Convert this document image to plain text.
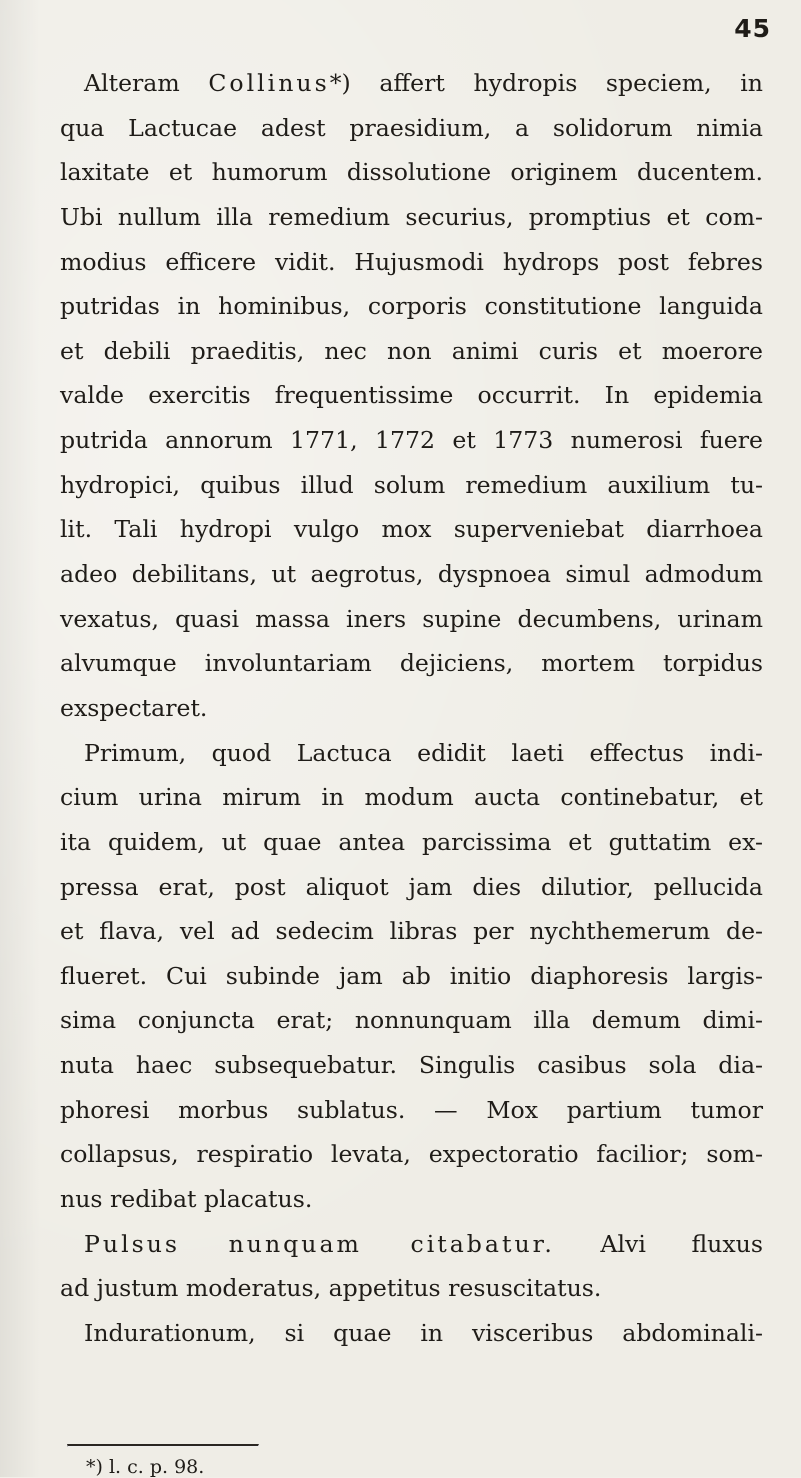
45

Alteram Collinus*) affert hydropis speciem, in
qua Lactucae adest praesidium, a solidorum nimia
laxitate et humorum dissolutione originem ducentem.
Ubi nullum illa remedium securius, promptius et com-
modius efficere vidit. Hujusmodi hydrops post febres
putridas in hominibus, corporis constitutione languida
et debili praeditis, nec non animi curis et moerore
valde exercitis frequentissime occurrit. In epidemia
putrida annorum 1771, 1772 et 1773 numerosi fuere
hydropici, quibus illud solum remedium auxilium tu-
lit. Tali hydropi vulgo mox superveniebat diarrhoea
adeo debilitans, ut aegrotus, dyspnoea simul admodum
vexatus, quasi massa iners supine decumbens, urinam
alvumque involuntariam dejiciens, mortem torpidus
exspectaret.
Primum, quod Lactuca edidit laeti effectus indi-
cium urina mirum in modum aucta continebatur, et
ita quidem, ut quae antea parcissima et guttatim ex-
pressa erat, post aliquot jam dies dilutior, pellucida
et flava, vel ad sedecim libras per nychthemerum de-
flueret. Cui subinde jam ab initio diaphoresis largis-
sima conjuncta erat; nonnunquam illa demum dimi-
nuta haec subsequebatur. Singulis casibus sola dia-
phoresi morbus sublatus. — Mox partium tumor
collapsus, respiratio levata, expectoratio facilior; som-
nus redibat placatus.
Pulsus nunquam citabatur. Alvi fluxus
ad justum moderatus, appetitus resuscitatus.
Indurationum, si quae in visceribus abdominali-
*) l. c. p. 98.
